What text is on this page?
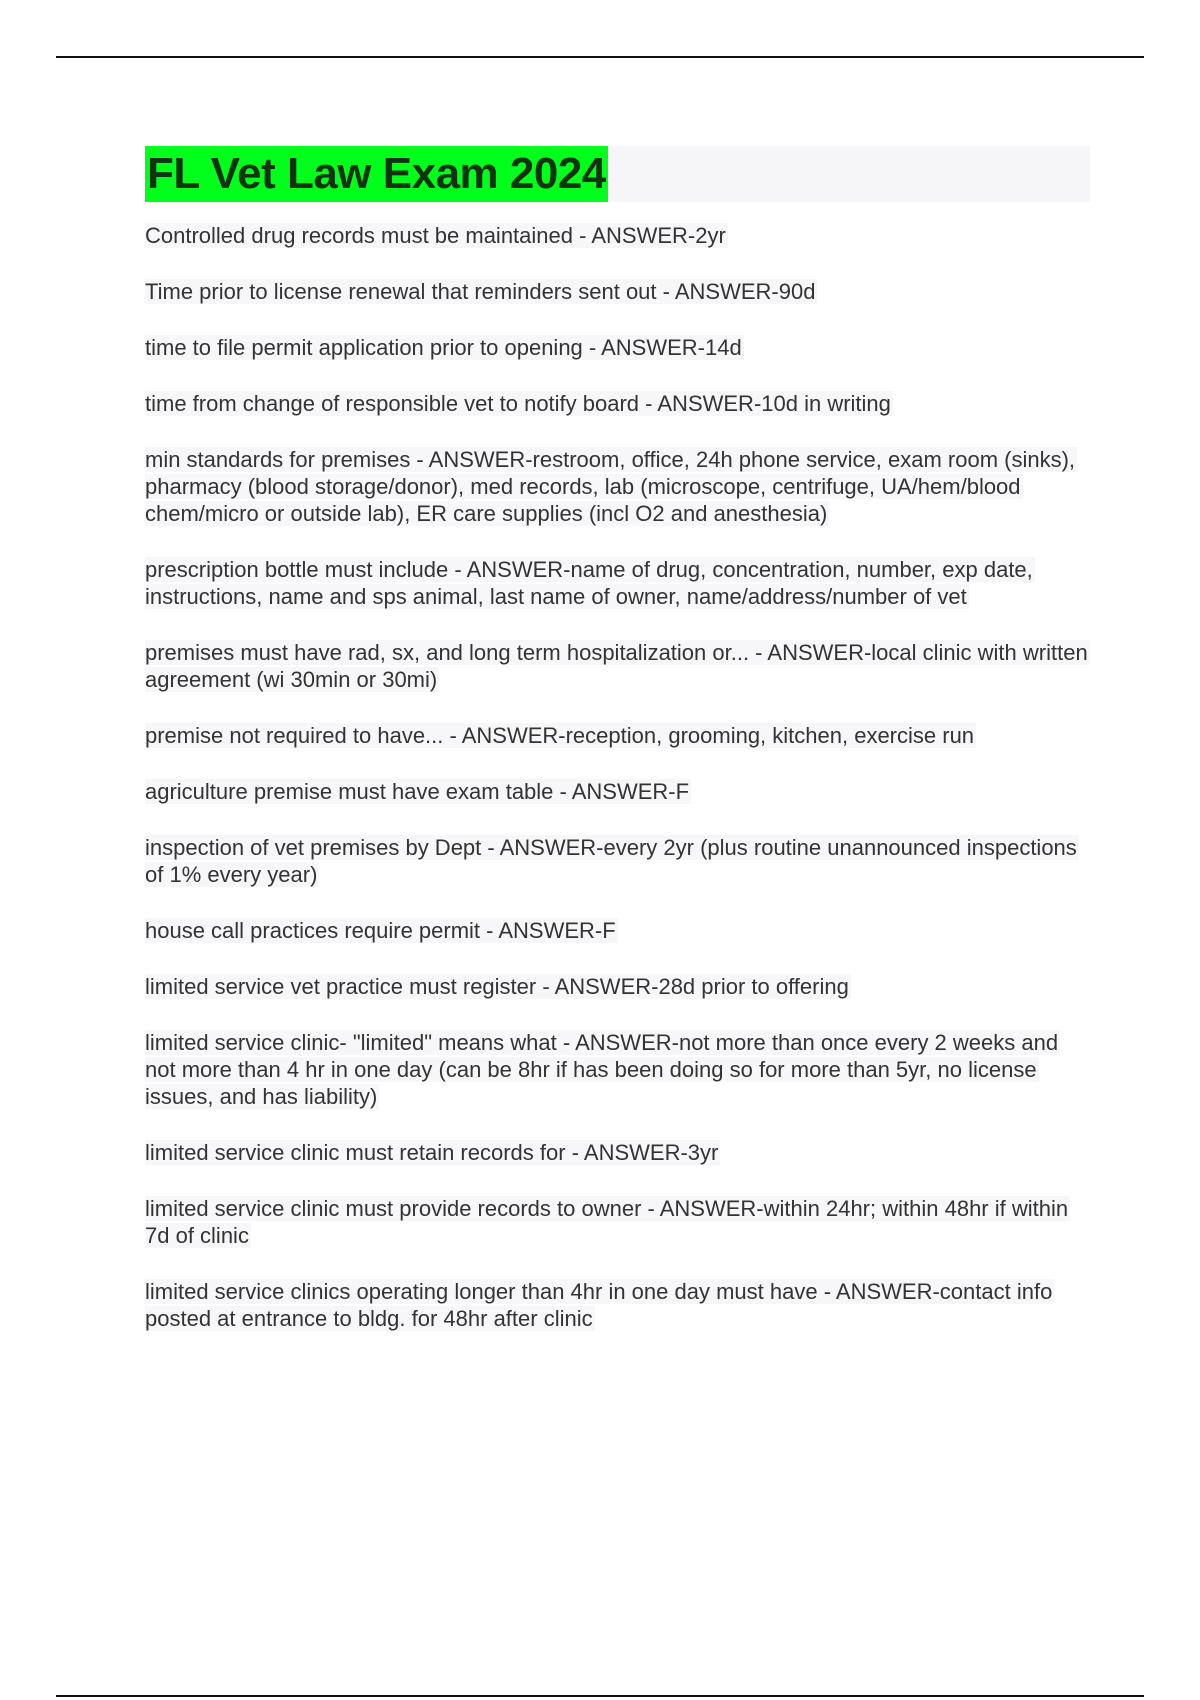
FL Vet Law Exam 2024
Controlled drug records must be maintained - ANSWER-2yr
Time prior to license renewal that reminders sent out - ANSWER-90d
time to file permit application prior to opening - ANSWER-14d
time from change of responsible vet to notify board - ANSWER-10d in writing
min standards for premises - ANSWER-restroom, office, 24h phone service, exam room (sinks), pharmacy (blood storage/donor), med records, lab (microscope, centrifuge, UA/hem/blood chem/micro or outside lab), ER care supplies (incl O2 and anesthesia)
prescription bottle must include - ANSWER-name of drug, concentration, number, exp date, instructions, name and sps animal, last name of owner, name/address/number of vet
premises must have rad, sx, and long term hospitalization or... - ANSWER-local clinic with written agreement (wi 30min or 30mi)
premise not required to have... - ANSWER-reception, grooming, kitchen, exercise run
agriculture premise must have exam table - ANSWER-F
inspection of vet premises by Dept - ANSWER-every 2yr (plus routine unannounced inspections of 1% every year)
house call practices require permit - ANSWER-F
limited service vet practice must register - ANSWER-28d prior to offering
limited service clinic- "limited" means what - ANSWER-not more than once every 2 weeks and not more than 4 hr in one day (can be 8hr if has been doing so for more than 5yr, no license issues, and has liability)
limited service clinic must retain records for - ANSWER-3yr
limited service clinic must provide records to owner - ANSWER-within 24hr; within 48hr if within 7d of clinic
limited service clinics operating longer than 4hr in one day must have - ANSWER-contact info posted at entrance to bldg. for 48hr after clinic
